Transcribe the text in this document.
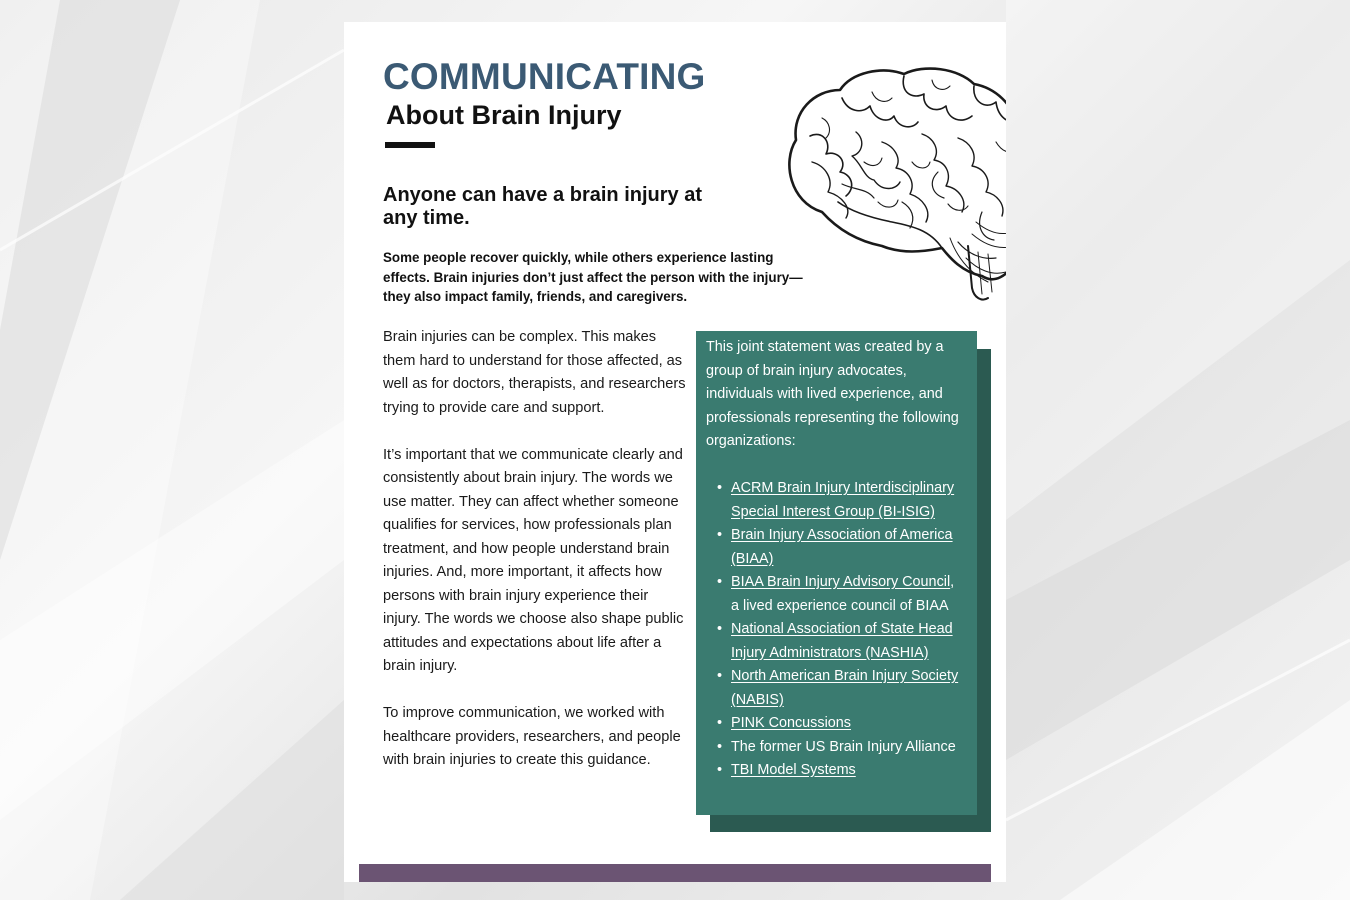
COMMUNICATING
About Brain Injury
Anyone can have a brain injury at any time.

Some people recover quickly, while others experience lasting effects. Brain injuries don’t just affect the person with the injury—they also impact family, friends, and caregivers.

Brain injuries can be complex. This makes them hard to understand for those affected, as well as for doctors, therapists, and researchers trying to provide care and support.

It’s important that we communicate clearly and consistently about brain injury. The words we use matter. They can affect whether someone qualifies for services, how professionals plan treatment, and how people understand brain injuries. And, more important, it affects how persons with brain injury experience their injury. The words we choose also shape public attitudes and expectations about life after a brain injury.

To improve communication, we worked with healthcare providers, researchers, and people with brain injuries to create this guidance.

This joint statement was created by a group of brain injury advocates, individuals with lived experience, and professionals representing the following organizations:

• ACRM Brain Injury Interdisciplinary Special Interest Group (BI-ISIG)
• Brain Injury Association of America (BIAA)
• BIAA Brain Injury Advisory Council, a lived experience council of BIAA
• National Association of State Head Injury Administrators (NASHIA)
• North American Brain Injury Society (NABIS)
• PINK Concussions
• The former US Brain Injury Alliance
• TBI Model Systems
